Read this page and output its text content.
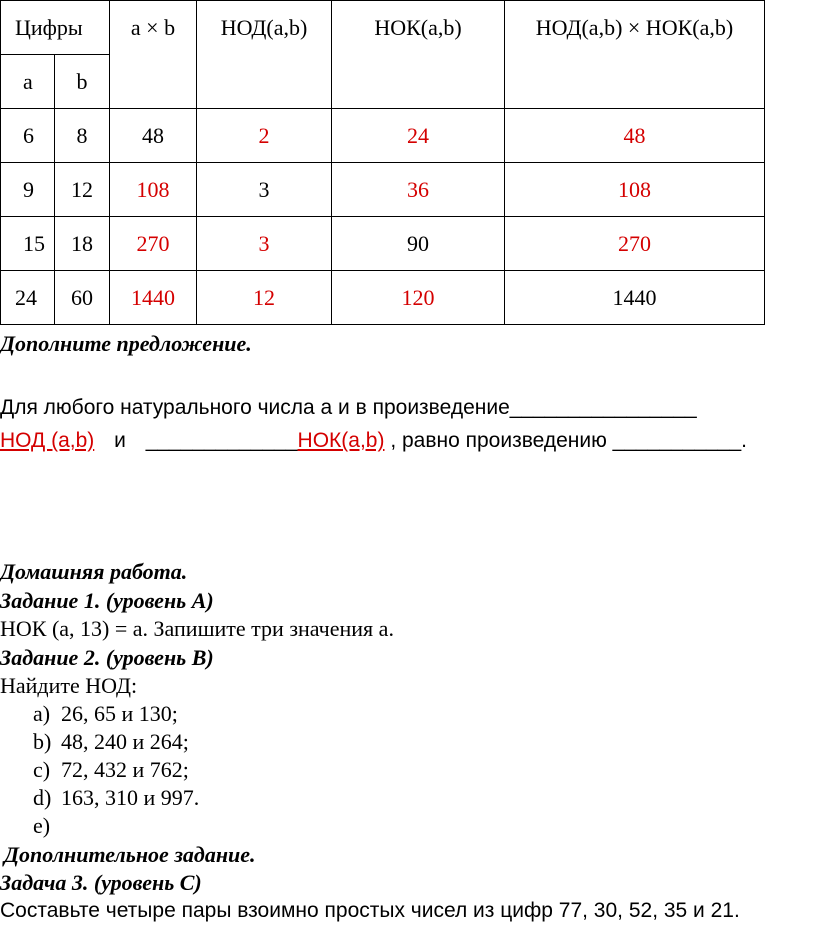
Цифры		a × b	НОД(a,b)	НОК(a,b)	НОД(a,b) × НОК(a,b)
a	b				
6	8	48	2	24	48
9	12	108	3	36	108
15	18	270	3	90	270
24	60	1440	12	120	1440
Дополните предложение.
Для любого натурального числа а и в произведение________________
НОД (a,b) и _____________НОК(a,b) , равно произведению ___________.
Домашняя работа.
Задание 1. (уровень А)
НОК (а, 13) = а. Запишите три значения а.
Задание 2. (уровень В)
Найдите НОД:
a) 26, 65 и 130;
b) 48, 240 и 264;
c) 72, 432 и 762;
d) 163, 310 и 997.
e)
Дополнительное задание.
Задача 3. (уровень С)
Составьте четыре пары взоимно простых чисел из цифр 77, 30, 52, 35 и 21.
